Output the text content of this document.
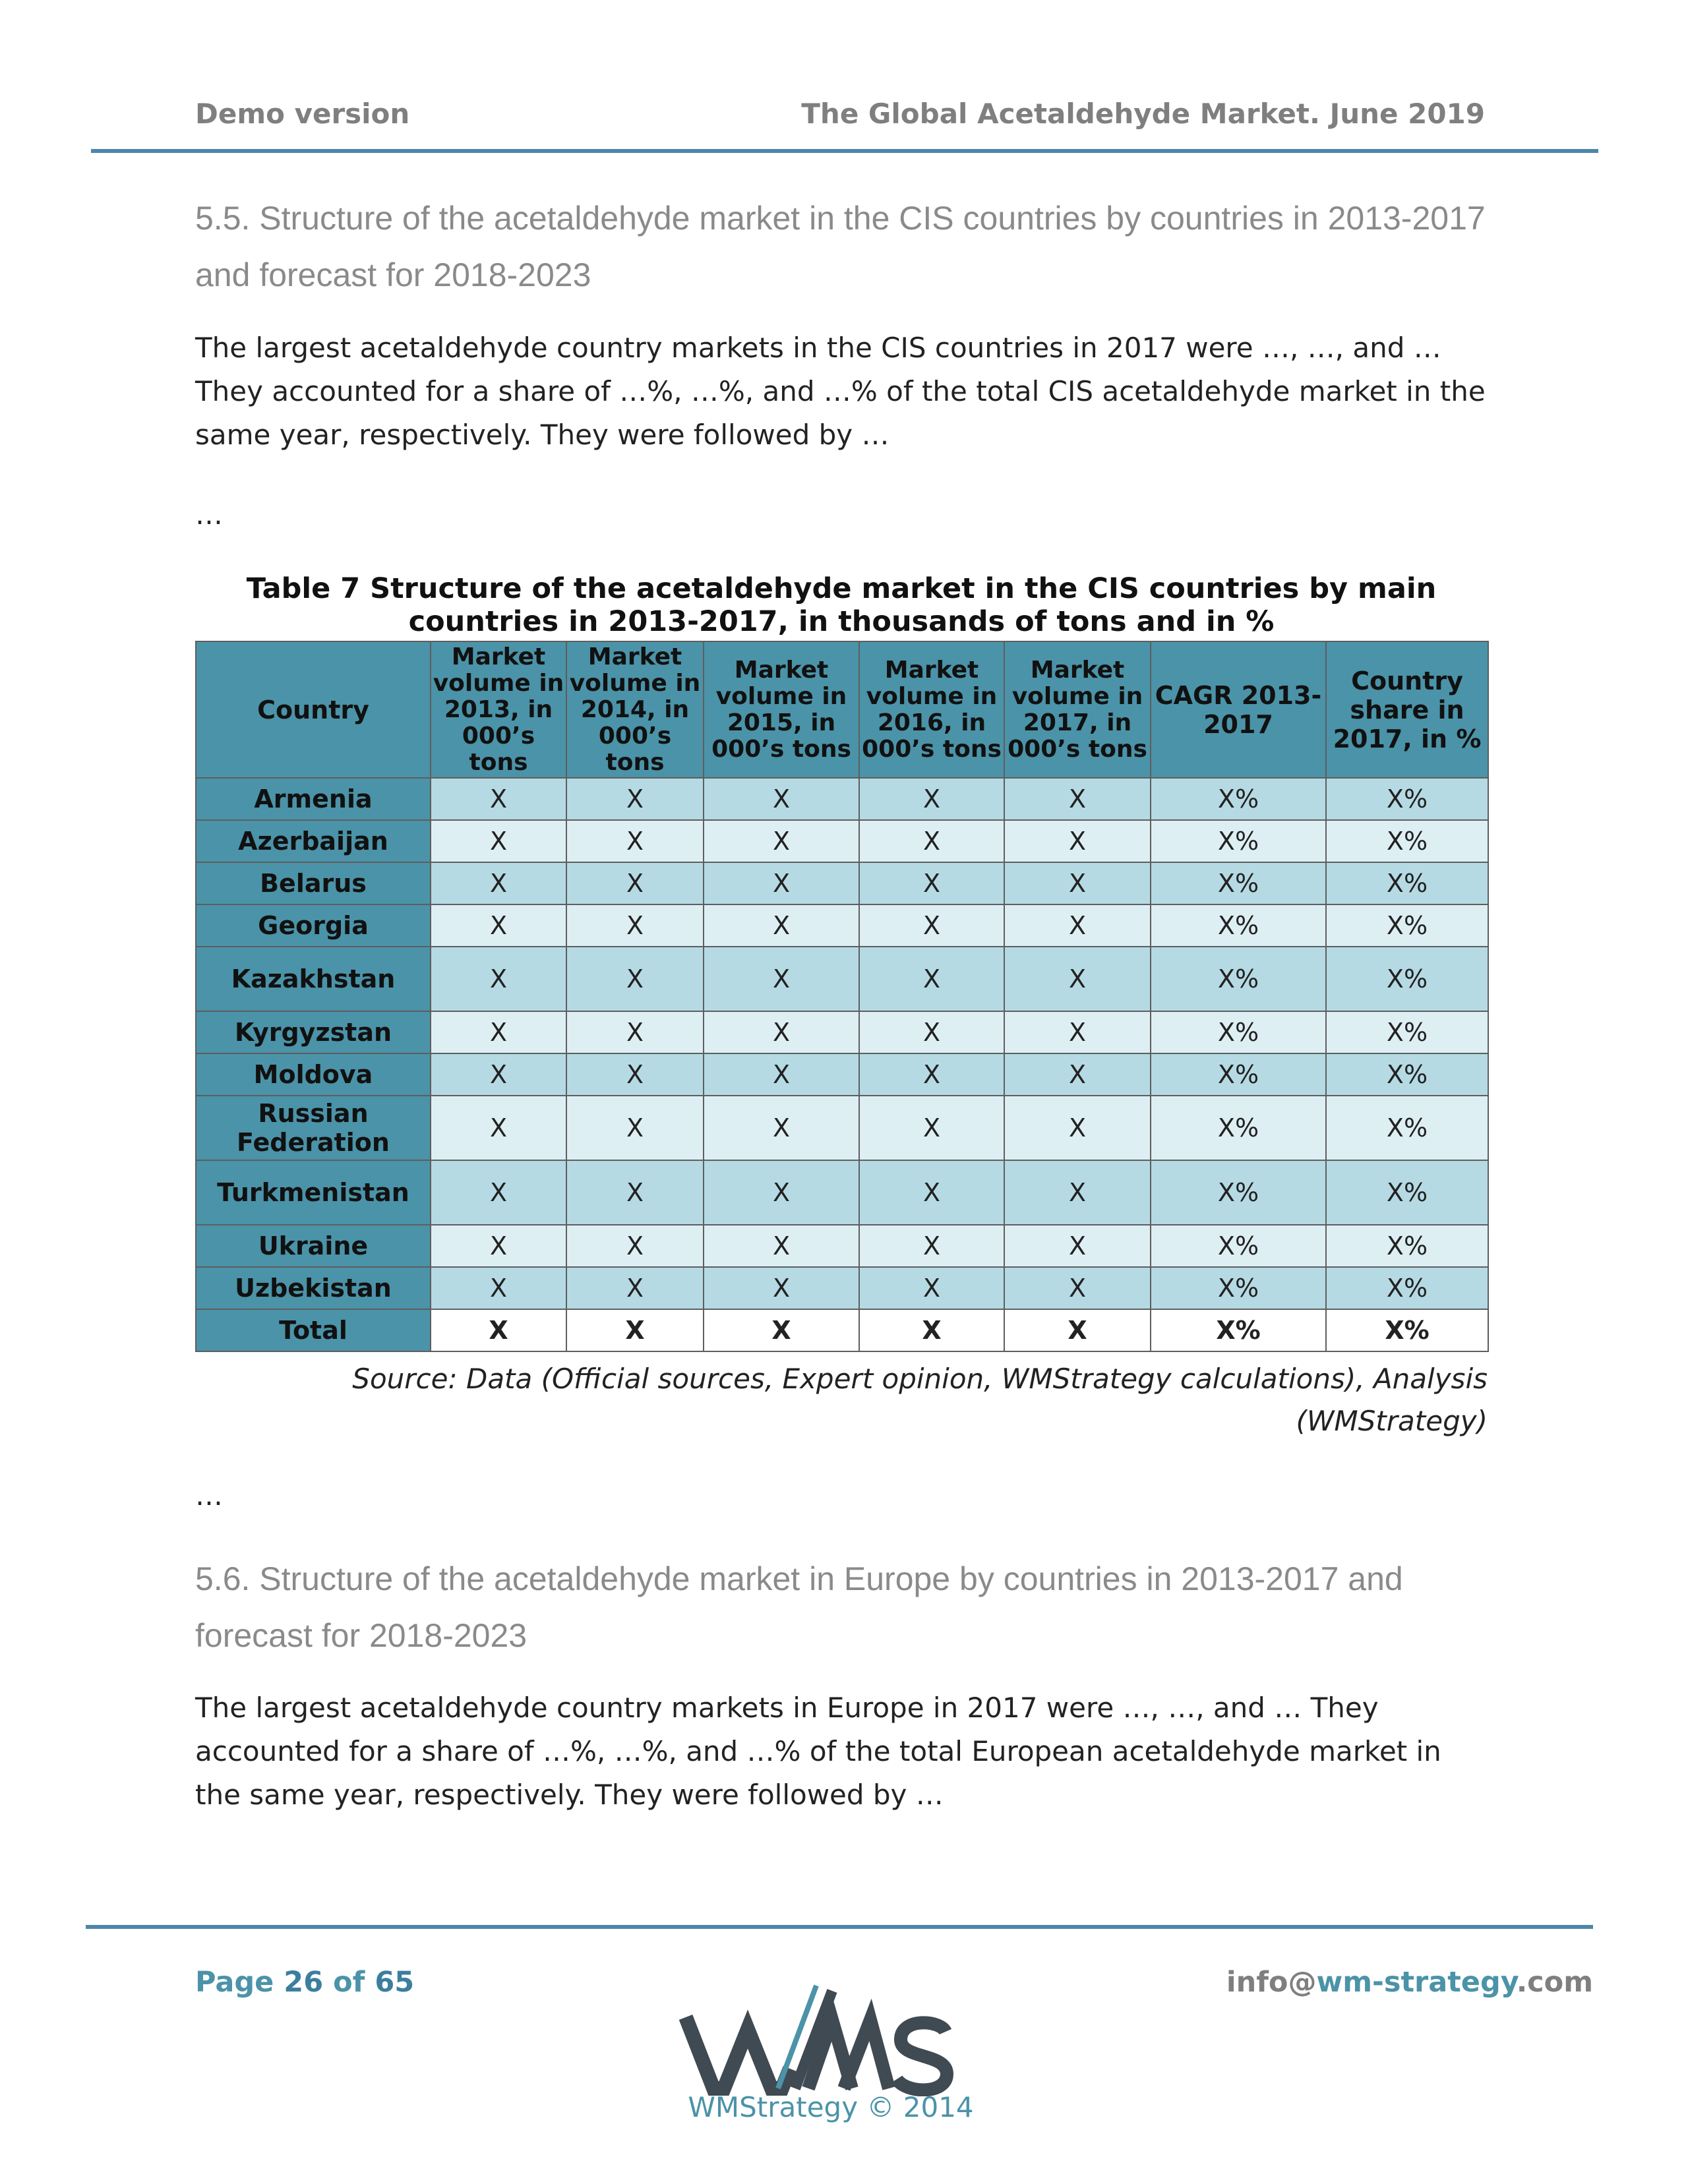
Demo version	The Global Acetaldehyde Market. June 2019
5.5. Structure of the acetaldehyde market in the CIS countries by countries in 2013-2017
and forecast for 2018-2023

The largest acetaldehyde country markets in the CIS countries in 2017 were …, …, and …
They accounted for a share of …%, …%, and …% of the total CIS acetaldehyde market in the
same year, respectively. They were followed by …

…
Table 7 Structure of the acetaldehyde market in the CIS countries by main
countries in 2013-2017, in thousands of tons and in %
Country	Market volume in 2013, in 000’s tons	Market volume in 2014, in 000’s tons	Market volume in 2015, in 000’s tons	Market volume in 2016, in 000’s tons	Market volume in 2017, in 000’s tons	CAGR 2013-2017	Country share in 2017, in %
Armenia	X	X	X	X	X	X%	X%
Azerbaijan	X	X	X	X	X	X%	X%
Belarus	X	X	X	X	X	X%	X%
Georgia	X	X	X	X	X	X%	X%
Kazakhstan	X	X	X	X	X	X%	X%
Kyrgyzstan	X	X	X	X	X	X%	X%
Moldova	X	X	X	X	X	X%	X%
Russian Federation	X	X	X	X	X	X%	X%
Turkmenistan	X	X	X	X	X	X%	X%
Ukraine	X	X	X	X	X	X%	X%
Uzbekistan	X	X	X	X	X	X%	X%
Total	X	X	X	X	X	X%	X%
Source: Data (Official sources, Expert opinion, WMStrategy calculations), Analysis
(WMStrategy)
…
5.6. Structure of the acetaldehyde market in Europe by countries in 2013-2017 and
forecast for 2018-2023

The largest acetaldehyde country markets in Europe in 2017 were …, …, and … They
accounted for a share of …%, …%, and …% of the total European acetaldehyde market in
the same year, respectively. They were followed by …

Page 26 of 65
WMStrategy © 2014
info@wm-strategy.com
